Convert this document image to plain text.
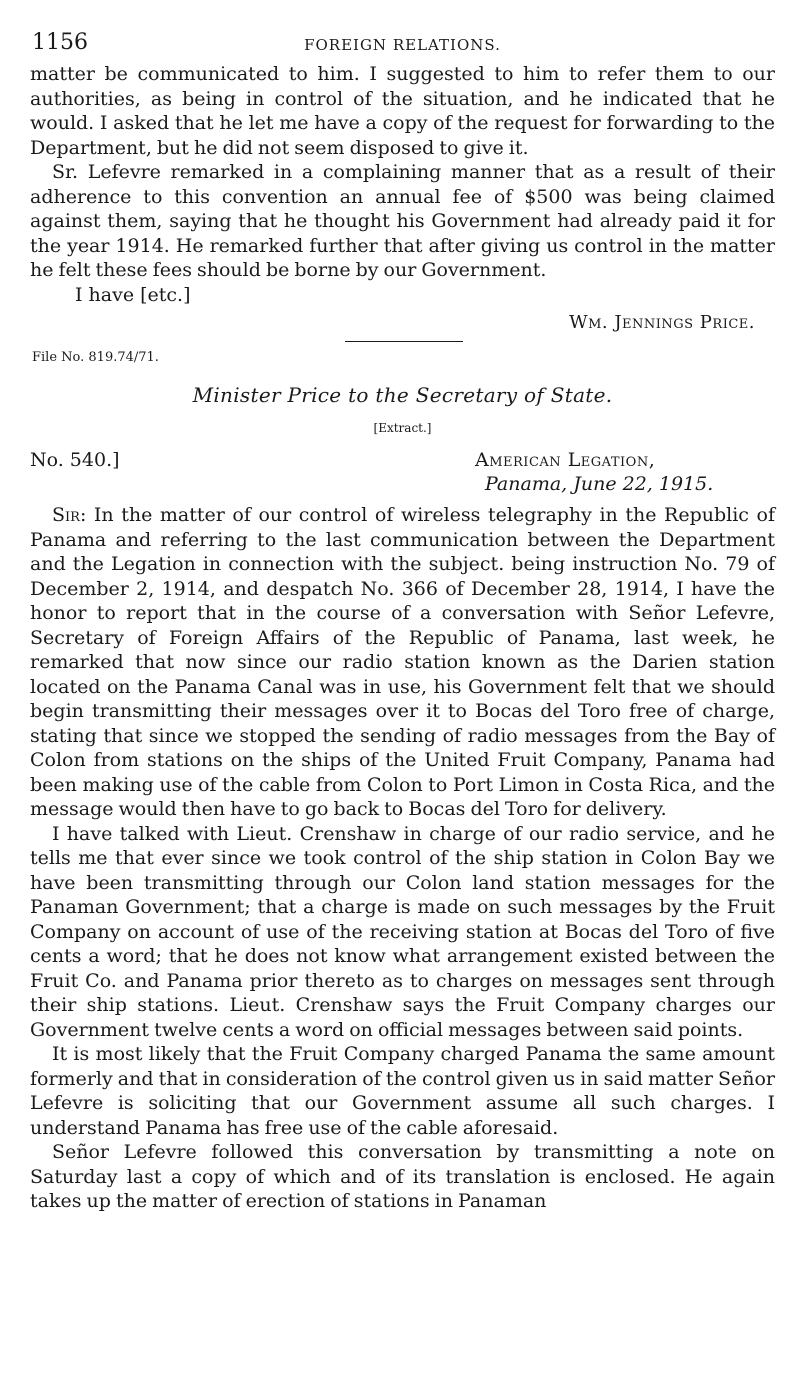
1156	FOREIGN RELATIONS.

matter be communicated to him. I suggested to him to refer them to our authorities, as being in control of the situation, and he indicated that he would. I asked that he let me have a copy of the request for forwarding to the Department, but he did not seem disposed to give it.

Sr. Lefevre remarked in a complaining manner that as a result of their adherence to this convention an annual fee of $500 was being claimed against them, saying that he thought his Government had already paid it for the year 1914. He remarked further that after giving us control in the matter he felt these fees should be borne by our Government.

I have [etc.]
Wm. Jennings Price.
File No. 819.74/71.
Minister Price to the Secretary of State.
[Extract.]
No. 540.]	American Legation,
Panama, June 22, 1915.

Sir: In the matter of our control of wireless telegraphy in the Republic of Panama and referring to the last communication between the Department and the Legation in connection with the subject. being instruction No. 79 of December 2, 1914, and despatch No. 366 of December 28, 1914, I have the honor to report that in the course of a conversation with Señor Lefevre, Secretary of Foreign Affairs of the Republic of Panama, last week, he remarked that now since our radio station known as the Darien station located on the Panama Canal was in use, his Government felt that we should begin transmitting their messages over it to Bocas del Toro free of charge, stating that since we stopped the sending of radio messages from the Bay of Colon from stations on the ships of the United Fruit Company, Panama had been making use of the cable from Colon to Port Limon in Costa Rica, and the message would then have to go back to Bocas del Toro for delivery.

I have talked with Lieut. Crenshaw in charge of our radio service, and he tells me that ever since we took control of the ship station in Colon Bay we have been transmitting through our Colon land station messages for the Panaman Government; that a charge is made on such messages by the Fruit Company on account of use of the receiving station at Bocas del Toro of five cents a word; that he does not know what arrangement existed between the Fruit Co. and Panama prior thereto as to charges on messages sent through their ship stations. Lieut. Crenshaw says the Fruit Company charges our Government twelve cents a word on official messages between said points.

It is most likely that the Fruit Company charged Panama the same amount formerly and that in consideration of the control given us in said matter Señor Lefevre is soliciting that our Government assume all such charges. I understand Panama has free use of the cable aforesaid.

Señor Lefevre followed this conversation by transmitting a note on Saturday last a copy of which and of its translation is enclosed. He again takes up the matter of erection of stations in Panaman
